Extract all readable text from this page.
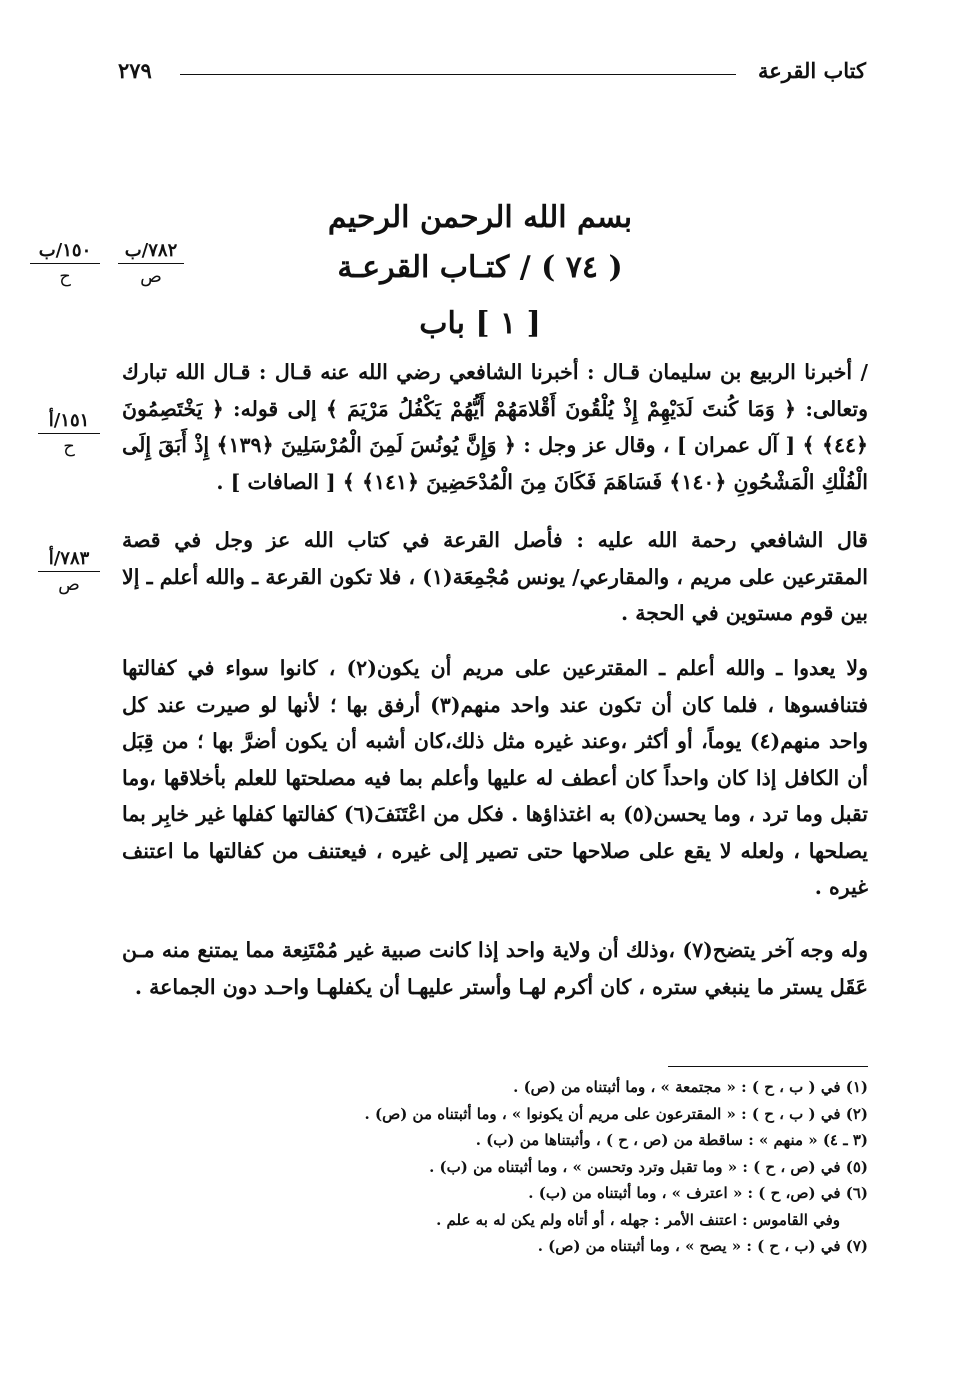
كتاب القرعة
٢٧٩
بسم الله الرحمن الرحيم
( ٧٤ ) / كتـاب القرعـة
[ ١ ] باب
٧٨٢/ب
ص
١٥٠/ب
ح
١٥١/أ
ح
٧٨٣/أ
ص
/ أخبرنا الربيع بن سليمان قـال : أخبرنا الشافعي رضي الله عنه قـال : قـال الله تبارك وتعالى: ﴿ وَمَا كُنتَ لَدَيْهِمْ إِذْ يُلْقُونَ أَقْلامَهُمْ أَيُّهُمْ يَكْفُلُ مَرْيَمَ ﴾ إلى قوله: ﴿ يَخْتَصِمُونَ ﴿٤٤﴾ ﴾ [ آل عمران ] ، وقال عز وجل : ﴿ وَإِنَّ يُونُسَ لَمِنَ الْمُرْسَلِينَ ﴿١٣٩﴾ إِذْ أَبَقَ إِلَى الْفُلْكِ الْمَشْحُونِ ﴿١٤٠﴾ فَسَاهَمَ فَكَانَ مِنَ الْمُدْحَضِينَ ﴿١٤١﴾ ﴾ [ الصافات ] .
قال الشافعي رحمة الله عليه : فأصل القرعة في كتاب الله عز وجل في قصة المقترعين على مريم ، والمقارعي/ يونس مُجْمِعَة(١) ، فلا تكون القرعة ـ والله أعلم ـ إلا بين قوم مستوين في الحجة .
ولا يعدوا ـ والله أعلم ـ المقترعين على مريم أن يكون(٢) ، كانوا سواء في كفالتها فتنافسوها ، فلما كان أن تكون عند واحد منهم(٣) أرفق بها ؛ لأنها لو صيرت عند كل واحد منهم(٤) يوماً، أو أكثر ،وعند غيره مثل ذلك،كان أشبه أن يكون أضرَّ بها ؛ من قِبَل أن الكافل إذا كان واحداً كان أعطف له عليها وأعلم بما فيه مصلحتها للعلم بأخلاقها ،وما تقبل وما ترد ، وما يحسن(٥) به اغتذاؤها . فكل من اعْتَنَفَ(٦) كفالتها كفلها غير خابِر بما يصلحها ، ولعله لا يقع على صلاحها حتى تصير إلى غيره ، فيعتنف من كفالتها ما اعتنف غيره .
وله وجه آخر يتضح(٧) ،وذلك أن ولاية واحد إذا كانت صبية غير مُمْتَنِعة مما يمتنع منه مـن عَقَل يستر ما ينبغي ستره ، كان أكرم لهـا وأستر عليهـا أن يكفلهـا واحـد دون الجماعة .
(١) في ( ب ، ح ) : « مجتمعة » ، وما أثبتناه من (ص) .
(٢) في ( ب ، ح ) : « المقترعون على مريم أن يكونوا » ، وما أثبتناه من (ص) .
(٣ ـ ٤) « منهم » : ساقطة من (ص ، ح ) ، وأثبتناها من (ب) .
(٥) في (ص ، ح ) : « وما تقبل وترد وتحسن » ، وما أثبتناه من (ب) .
(٦) في (ص، ح ) : « اعترف » ، وما أثبتناه من (ب) .
وفي القاموس : اعتنف الأمر : جهله ، أو أتاه ولم يكن له به علم .
(٧) في (ب ، ح ) : « يصح » ، وما أثبتناه من (ص) .
